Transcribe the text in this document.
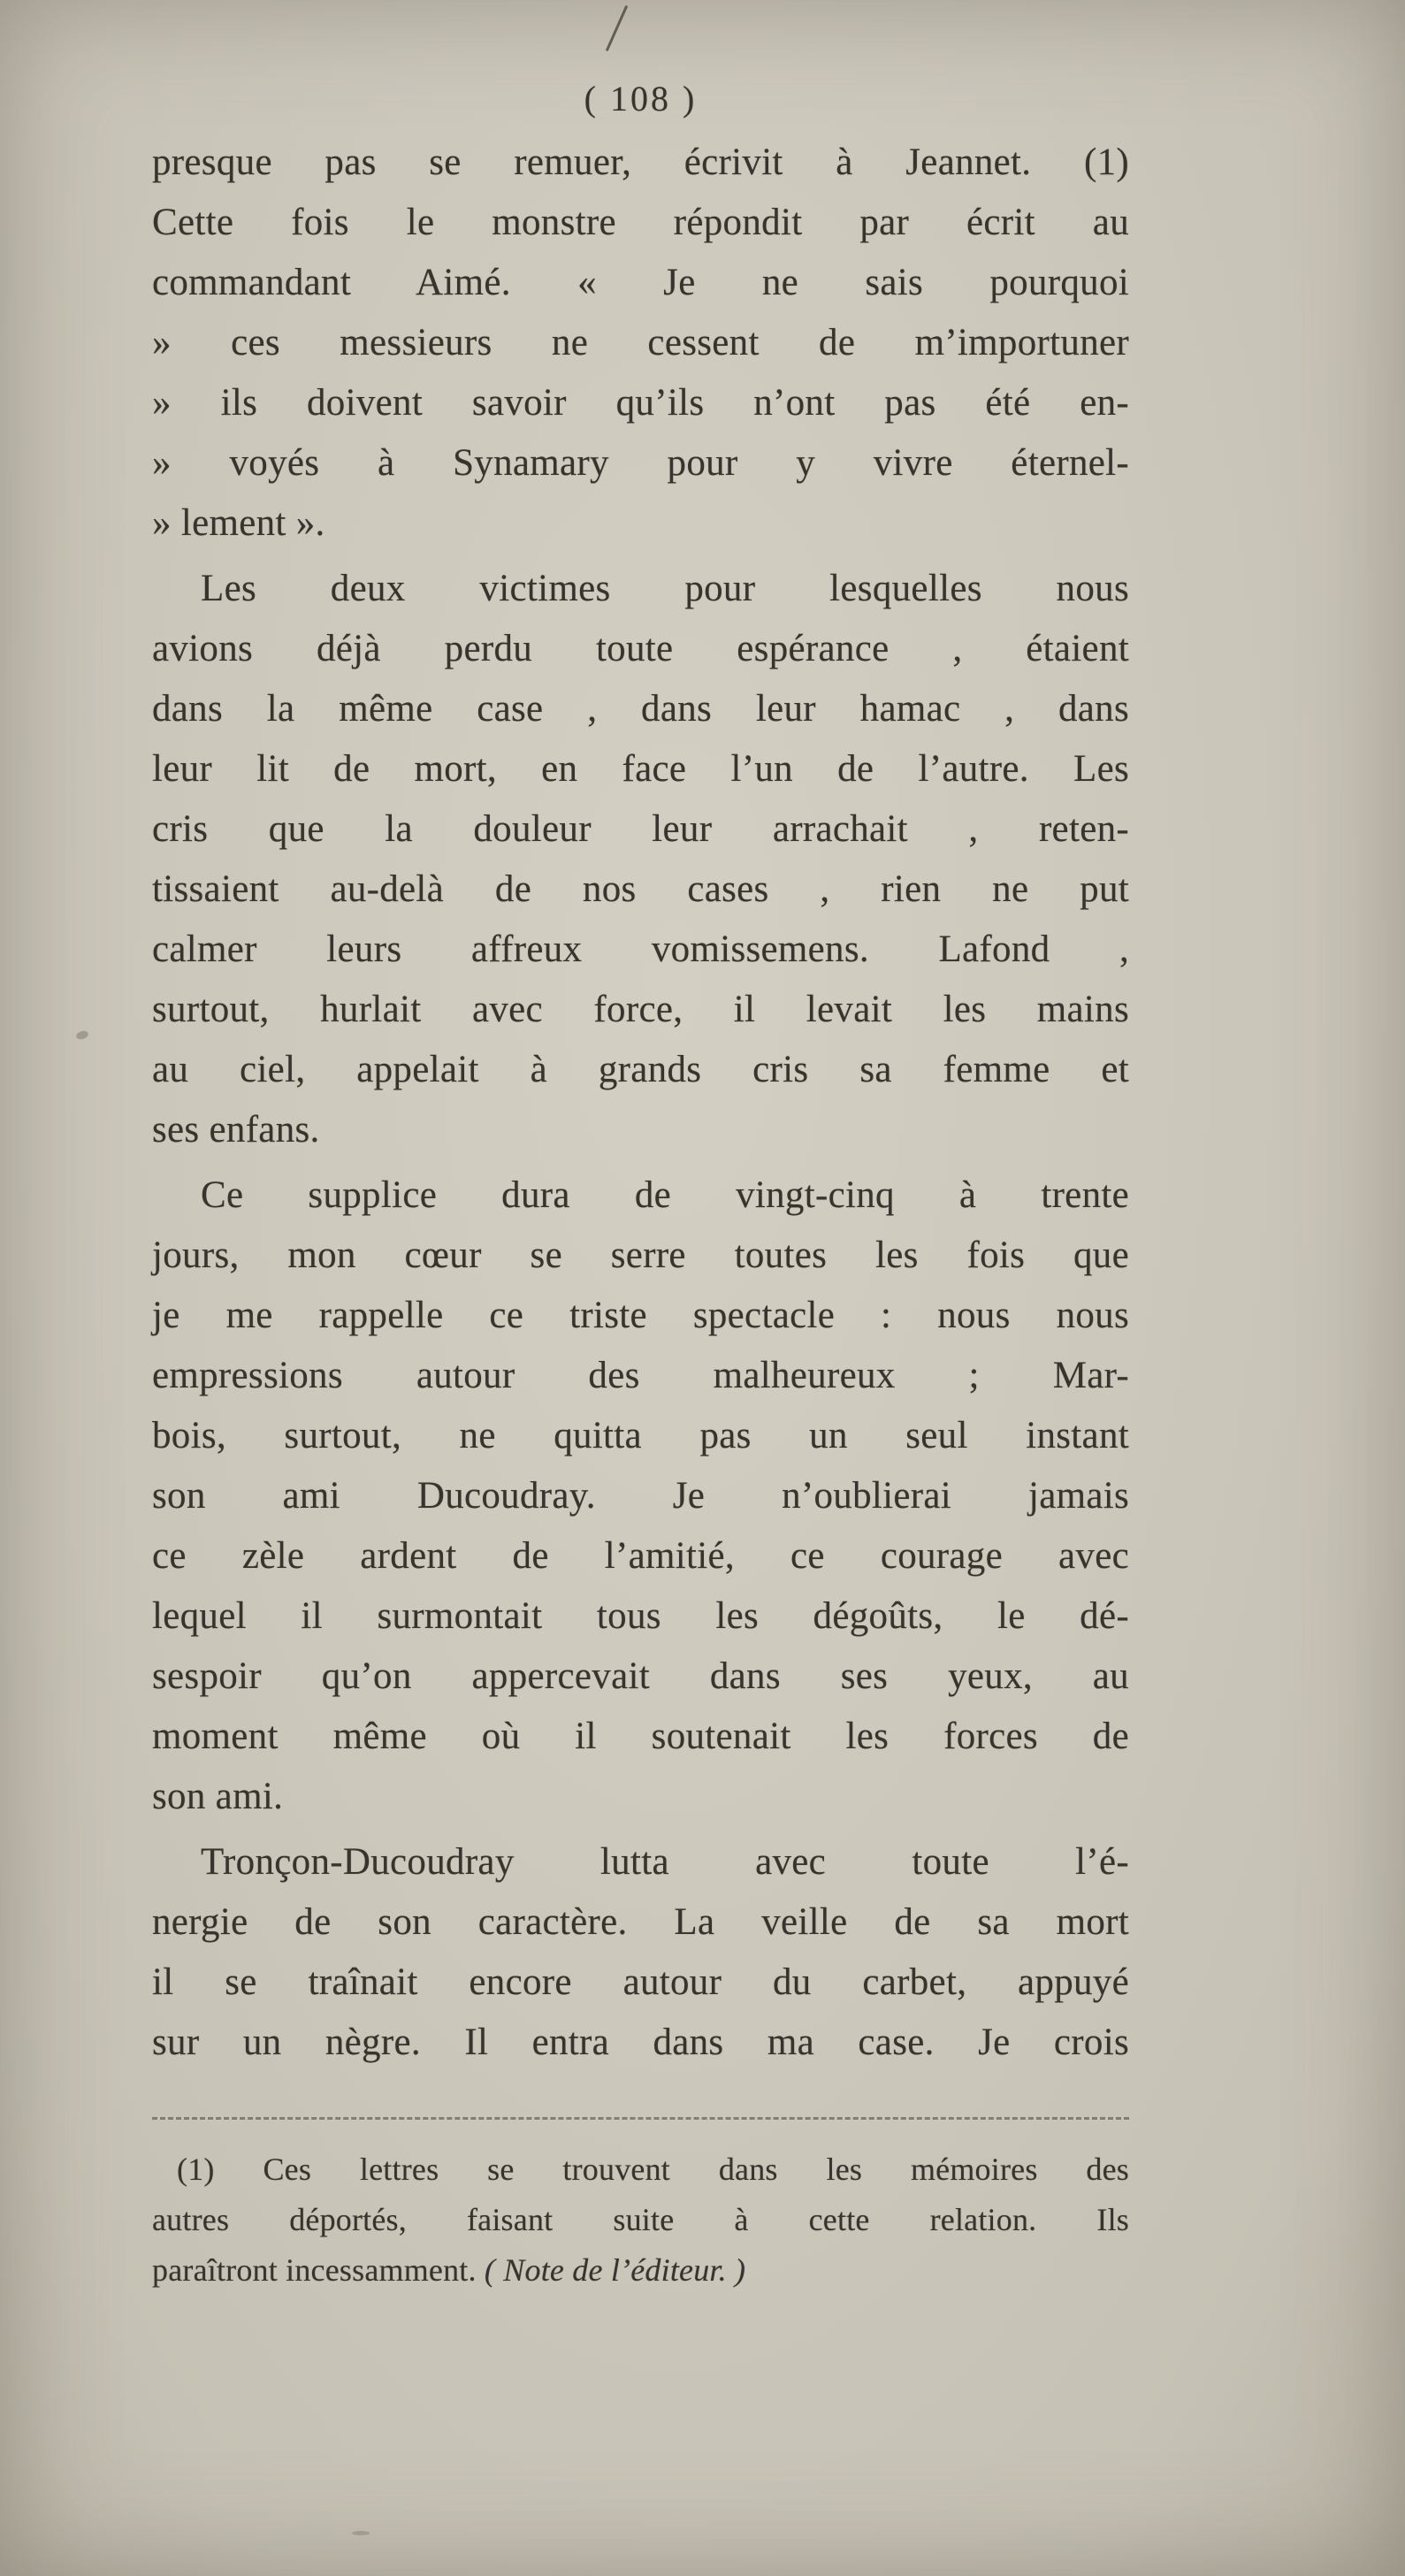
( 108 )
presque pas se remuer, écrivit à Jeannet. (1)
Cette fois le monstre répondit par écrit au
commandant Aimé. « Je ne sais pourquoi
» ces messieurs ne cessent de m’importuner
» ils doivent savoir qu’ils n’ont pas été en-
» voyés à Synamary pour y vivre éternel-
» lement ».
Les deux victimes pour lesquelles nous
avions déjà perdu toute espérance , étaient
dans la même case , dans leur hamac , dans
leur lit de mort, en face l’un de l’autre. Les
cris que la douleur leur arrachait , reten-
tissaient au-delà de nos cases , rien ne put
calmer leurs affreux vomissemens. Lafond ,
surtout, hurlait avec force, il levait les mains
au ciel, appelait à grands cris sa femme et
ses enfans.
Ce supplice dura de vingt-cinq à trente
jours, mon cœur se serre toutes les fois que
je me rappelle ce triste spectacle : nous nous
empressions autour des malheureux ; Mar-
bois, surtout, ne quitta pas un seul instant
son ami Ducoudray. Je n’oublierai jamais
ce zèle ardent de l’amitié, ce courage avec
lequel il surmontait tous les dégoûts, le dé-
sespoir qu’on appercevait dans ses yeux, au
moment même où il soutenait les forces de
son ami.
Tronçon-Ducoudray lutta avec toute l’é-
nergie de son caractère. La veille de sa mort
il se traînait encore autour du carbet, appuyé
sur un nègre. Il entra dans ma case. Je crois
(1) Ces lettres se trouvent dans les mémoires des
autres déportés, faisant suite à cette relation. Ils
paraîtront incessamment. ( Note de l’éditeur. )
